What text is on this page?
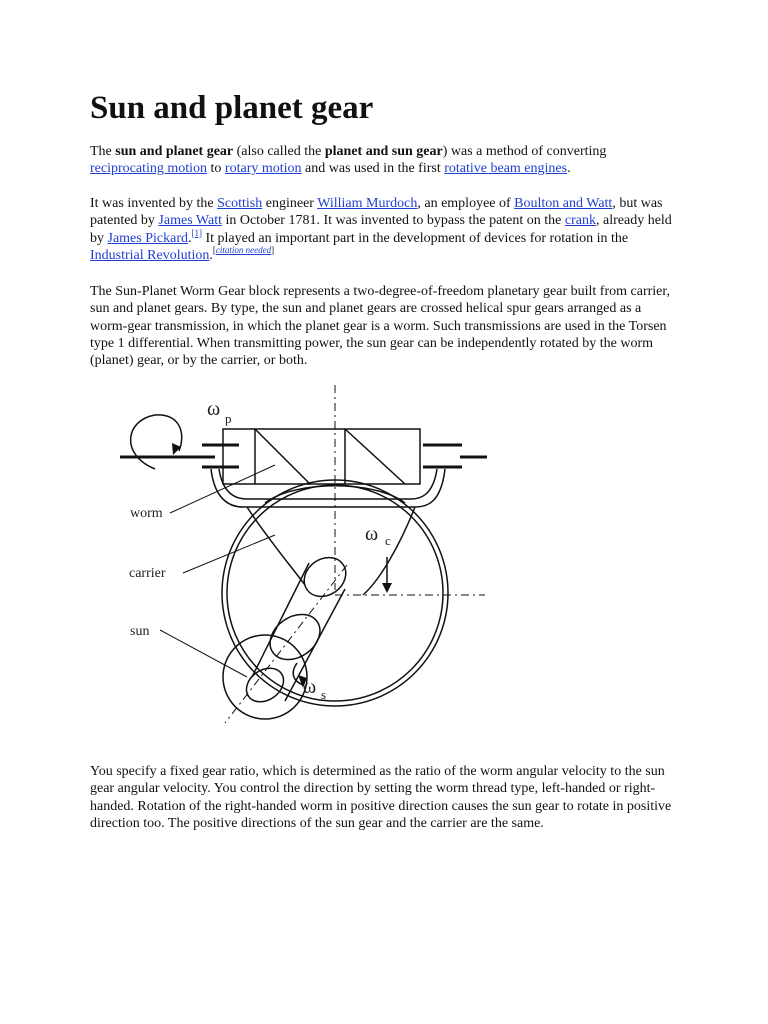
Sun and planet gear

The sun and planet gear (also called the planet and sun gear) was a method of converting reciprocating motion to rotary motion and was used in the first rotative beam engines.

It was invented by the Scottish engineer William Murdoch, an employee of Boulton and Watt, but was patented by James Watt in October 1781. It was invented to bypass the patent on the crank, already held by James Pickard.[1] It played an important part in the development of devices for rotation in the Industrial Revolution.[citation needed]

The Sun-Planet Worm Gear block represents a two-degree-of-freedom planetary gear built from carrier, sun and planet gears. By type, the sun and planet gears are crossed helical spur gears arranged as a worm-gear transmission, in which the planet gear is a worm. Such transmissions are used in the Torsen type 1 differential. When transmitting power, the sun gear can be independently rotated by the worm (planet) gear, or by the carrier, or both.

You specify a fixed gear ratio, which is determined as the ratio of the worm angular velocity to the sun gear angular velocity. You control the direction by setting the worm thread type, left-handed or right-handed. Rotation of the right-handed worm in positive direction causes the sun gear to rotate in positive direction too. The positive directions of the sun gear and the carrier are the same.

worm
carrier
sun
ω p
ω c
ω s
